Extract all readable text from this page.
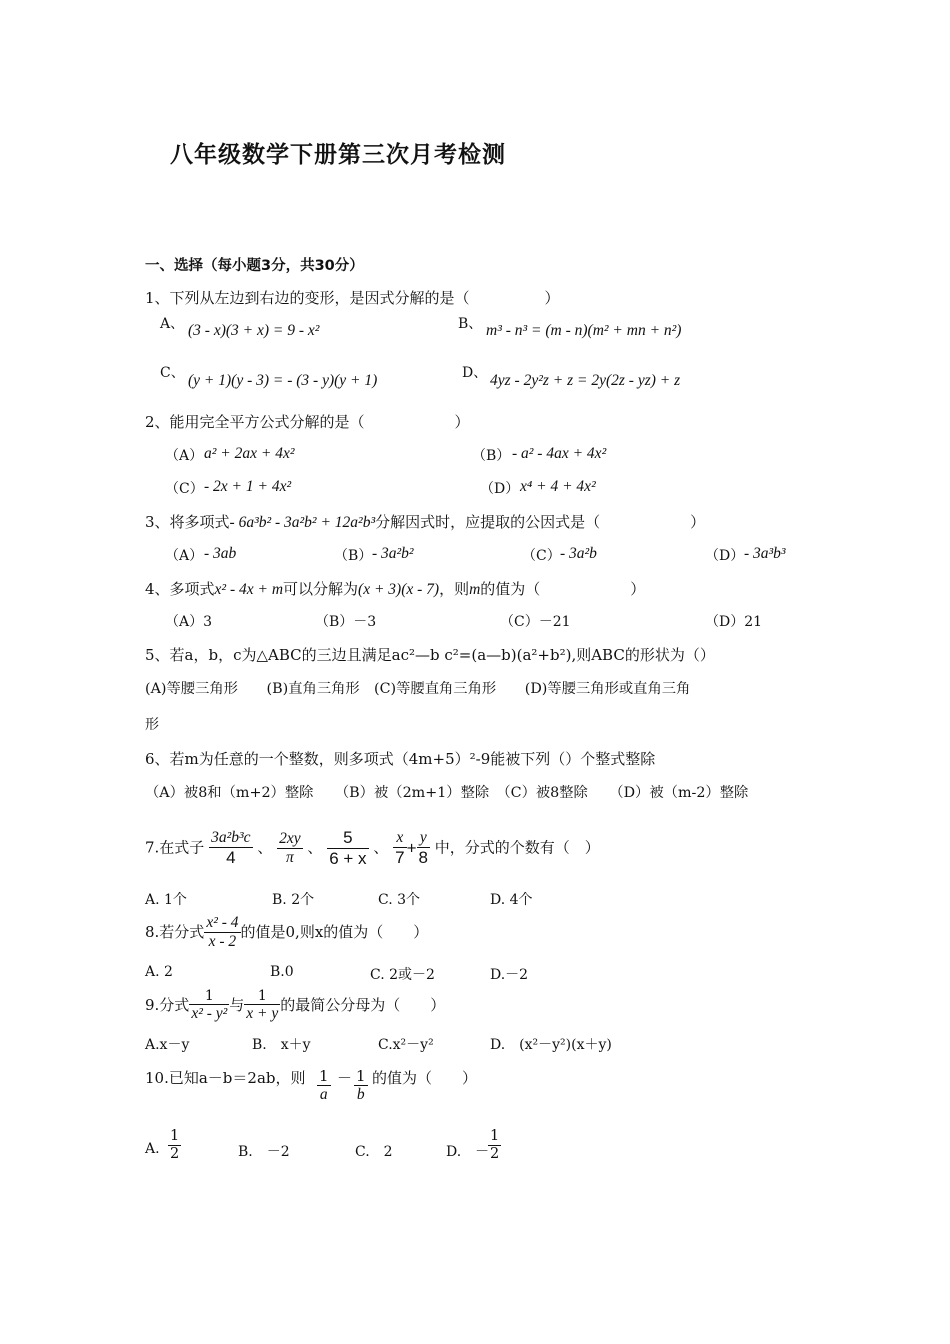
八年级数学下册第三次月考检测
一、选择（每小题3分，共30分）
1、下列从左边到右边的变形，是因式分解的是（　　　　　）
A、 (3 - x)(3 + x) = 9 - x²	B、 m³ - n³ = (m - n)(m² + mn + n²)
C、 (y + 1)(y - 3) = - (3 - y)(y + 1)	D、 4yz - 2y²z + z = 2y(2z - yz) + z
2、能用完全平方公式分解的是（　　　　　　）
（A） a² + 2ax + 4x²	（B） - a² - 4ax + 4x²
（C） - 2x + 1 + 4x²	（D） x⁴ + 4 + 4x²
3、将多项式- 6a³b² - 3a²b² + 12a²b³分解因式时，应提取的公因式是（　　　　　　）
（A） - 3ab	（B） - 3a²b²	（C） - 3a²b	（D） - 3a³b³
4、多项式x² - 4x + m可以分解为(x + 3)(x - 7)，则m的值为（　　　　　　）
（A）3	（B）－3	（C）－21	（D）21
5、若a，b，c为△ABC的三边且满足ac²—b c²=(a—b)(a²+b²),则ABC的形状为（）
(A)等腰三角形　　(B)直角三角形　(C)等腰直角三角形　　(D)等腰三角形或直角三角
形
6、若m为任意的一个整数，则多项式（4m+5）²-9能被下列（）个整式整除
（A）被8和（m+2）整除　　（B）被（2m+1）整除　（C）被8整除　　（D）被（m-2）整除
7.在式子 $\frac{\text{3a²b³c}}{4}$ 、 $\frac{2xy}{\pi}$ 、 $\frac{5}{6 + x}$ 、 $\frac{x}{7} + \frac{y}{8}$ 中，分式的个数有（　）
A. 1个	B. 2个	C. 3个	D. 4个
8.若分式 $\frac{\text{x² - 4}}{x - 2}$ 的值是0,则x的值为（　　）
A. 2	B.0	C. 2或－2	D.－2
9.分式 $\frac{1}{\text{x² - y²}}$ 与 $\frac{1}{x + y}$ 的最简公分母为（　　）
A.x－y	B.　x＋y	C.x²－y²	D.　(x²－y²)(x＋y)
10.已知a－b＝2ab，则 $\frac{1}{a} - \frac{1}{b}$ 的值为（　　）
A. $\frac{1}{2}$	B.　－2	C.　2	D.　－
$\frac{1}{2}$
